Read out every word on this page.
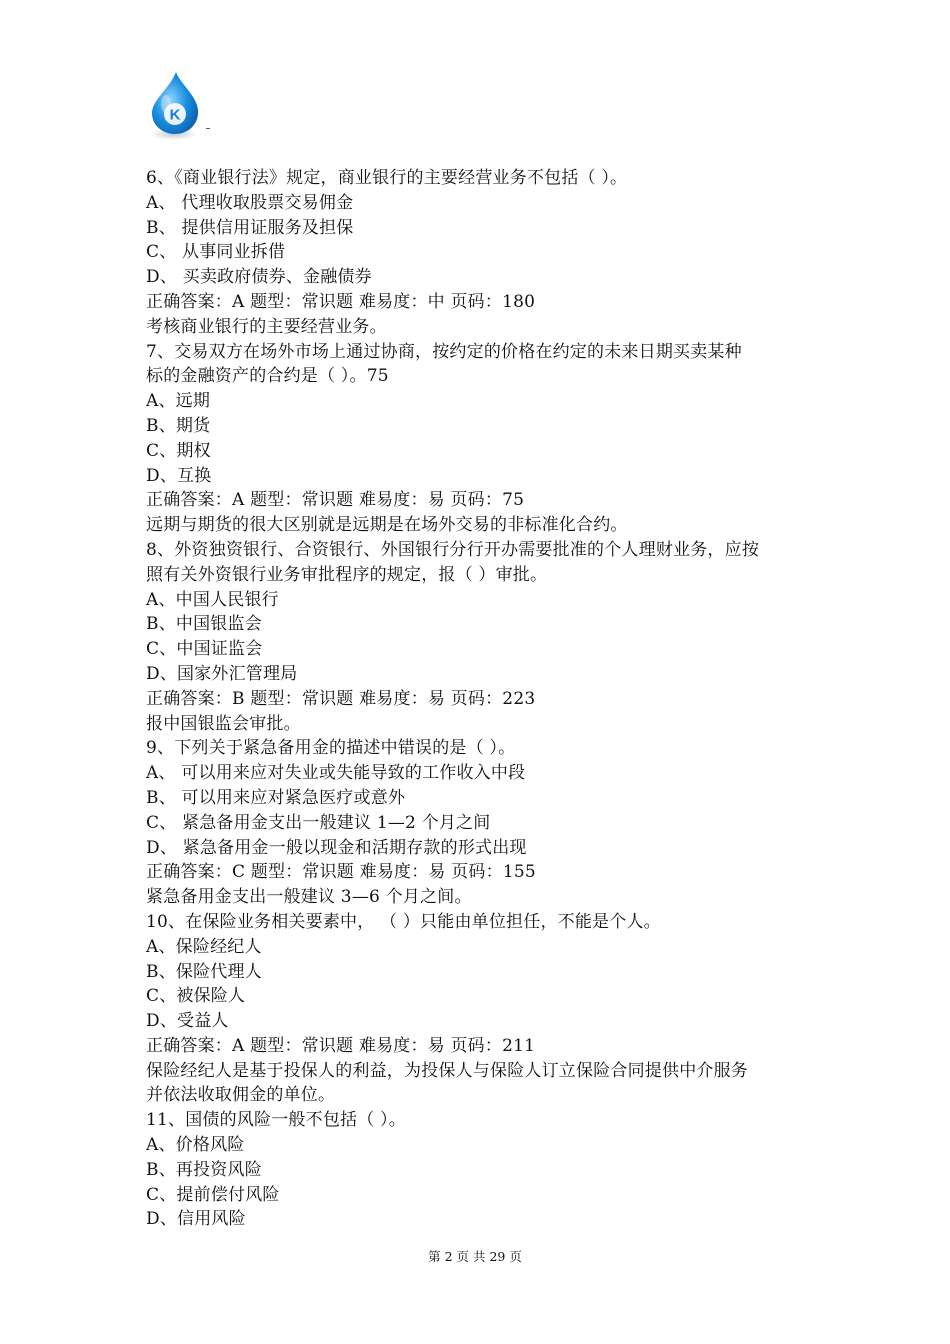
K
6、《商业银行法》规定，商业银行的主要经营业务不包括（ ）。
A、 代理收取股票交易佣金
B、 提供信用证服务及担保
C、 从事同业拆借
D、 买卖政府债券、金融债券
正确答案：A 题型：常识题 难易度：中 页码：180
考核商业银行的主要经营业务。
7、交易双方在场外市场上通过协商，按约定的价格在约定的未来日期买卖某种
标的金融资产的合约是（ ）。75
A、远期
B、期货
C、期权
D、互换
正确答案：A 题型：常识题 难易度：易 页码：75
远期与期货的很大区别就是远期是在场外交易的非标准化合约。
8、外资独资银行、合资银行、外国银行分行开办需要批准的个人理财业务，应按
照有关外资银行业务审批程序的规定，报（ ）审批。
A、中国人民银行
B、中国银监会
C、中国证监会
D、国家外汇管理局
正确答案：B 题型：常识题 难易度：易 页码：223
报中国银监会审批。
9、下列关于紧急备用金的描述中错误的是（ ）。
A、 可以用来应对失业或失能导致的工作收入中段
B、 可以用来应对紧急医疗或意外
C、 紧急备用金支出一般建议 1—2 个月之间
D、 紧急备用金一般以现金和活期存款的形式出现
正确答案：C 题型：常识题 难易度：易 页码：155
紧急备用金支出一般建议 3—6 个月之间。
10、在保险业务相关要素中， （ ）只能由单位担任，不能是个人。
A、保险经纪人
B、保险代理人
C、被保险人
D、受益人
正确答案：A 题型：常识题 难易度：易 页码：211
保险经纪人是基于投保人的利益，为投保人与保险人订立保险合同提供中介服务
并依法收取佣金的单位。
11、国债的风险一般不包括（ ）。
A、价格风险
B、再投资风险
C、提前偿付风险
D、信用风险
第 2 页 共 29 页
